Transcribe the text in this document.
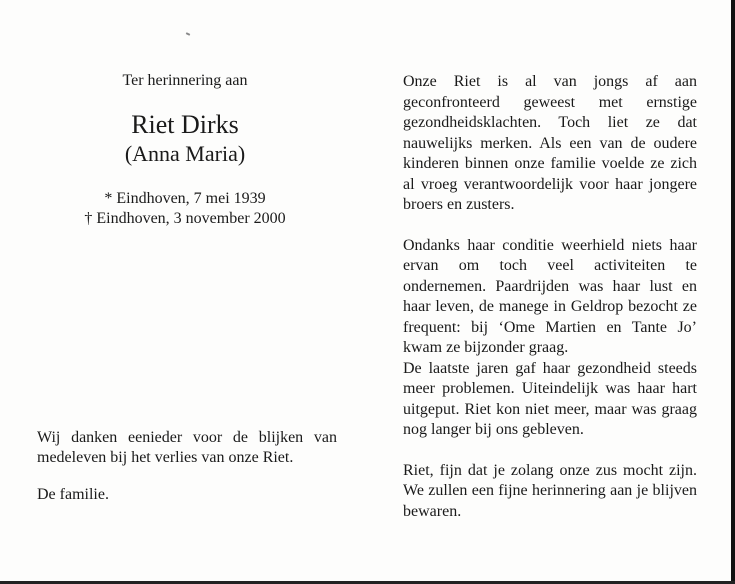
Ter herinnering aan
Riet Dirks
(Anna Maria)
* Eindhoven, 7 mei 1939
† Eindhoven, 3 november 2000

Wij danken eenieder voor de blijken van medeleven bij het verlies van onze Riet.

De familie.

Onze Riet is al van jongs af aan geconfronteerd geweest met ernstige gezondheidsklachten. Toch liet ze dat nauwelijks merken. Als een van de oudere kinderen binnen onze familie voelde ze zich al vroeg verantwoordelijk voor haar jongere broers en zusters.

Ondanks haar conditie weerhield niets haar ervan om toch veel activiteiten te ondernemen. Paardrijden was haar lust en haar leven, de manege in Geldrop bezocht ze frequent: bij ‘Ome Martien en Tante Jo’ kwam ze bijzonder graag.

De laatste jaren gaf haar gezondheid steeds meer problemen. Uiteindelijk was haar hart uitgeput. Riet kon niet meer, maar was graag nog langer bij ons gebleven.

Riet, fijn dat je zolang onze zus mocht zijn. We zullen een fijne herinnering aan je blijven bewaren.
